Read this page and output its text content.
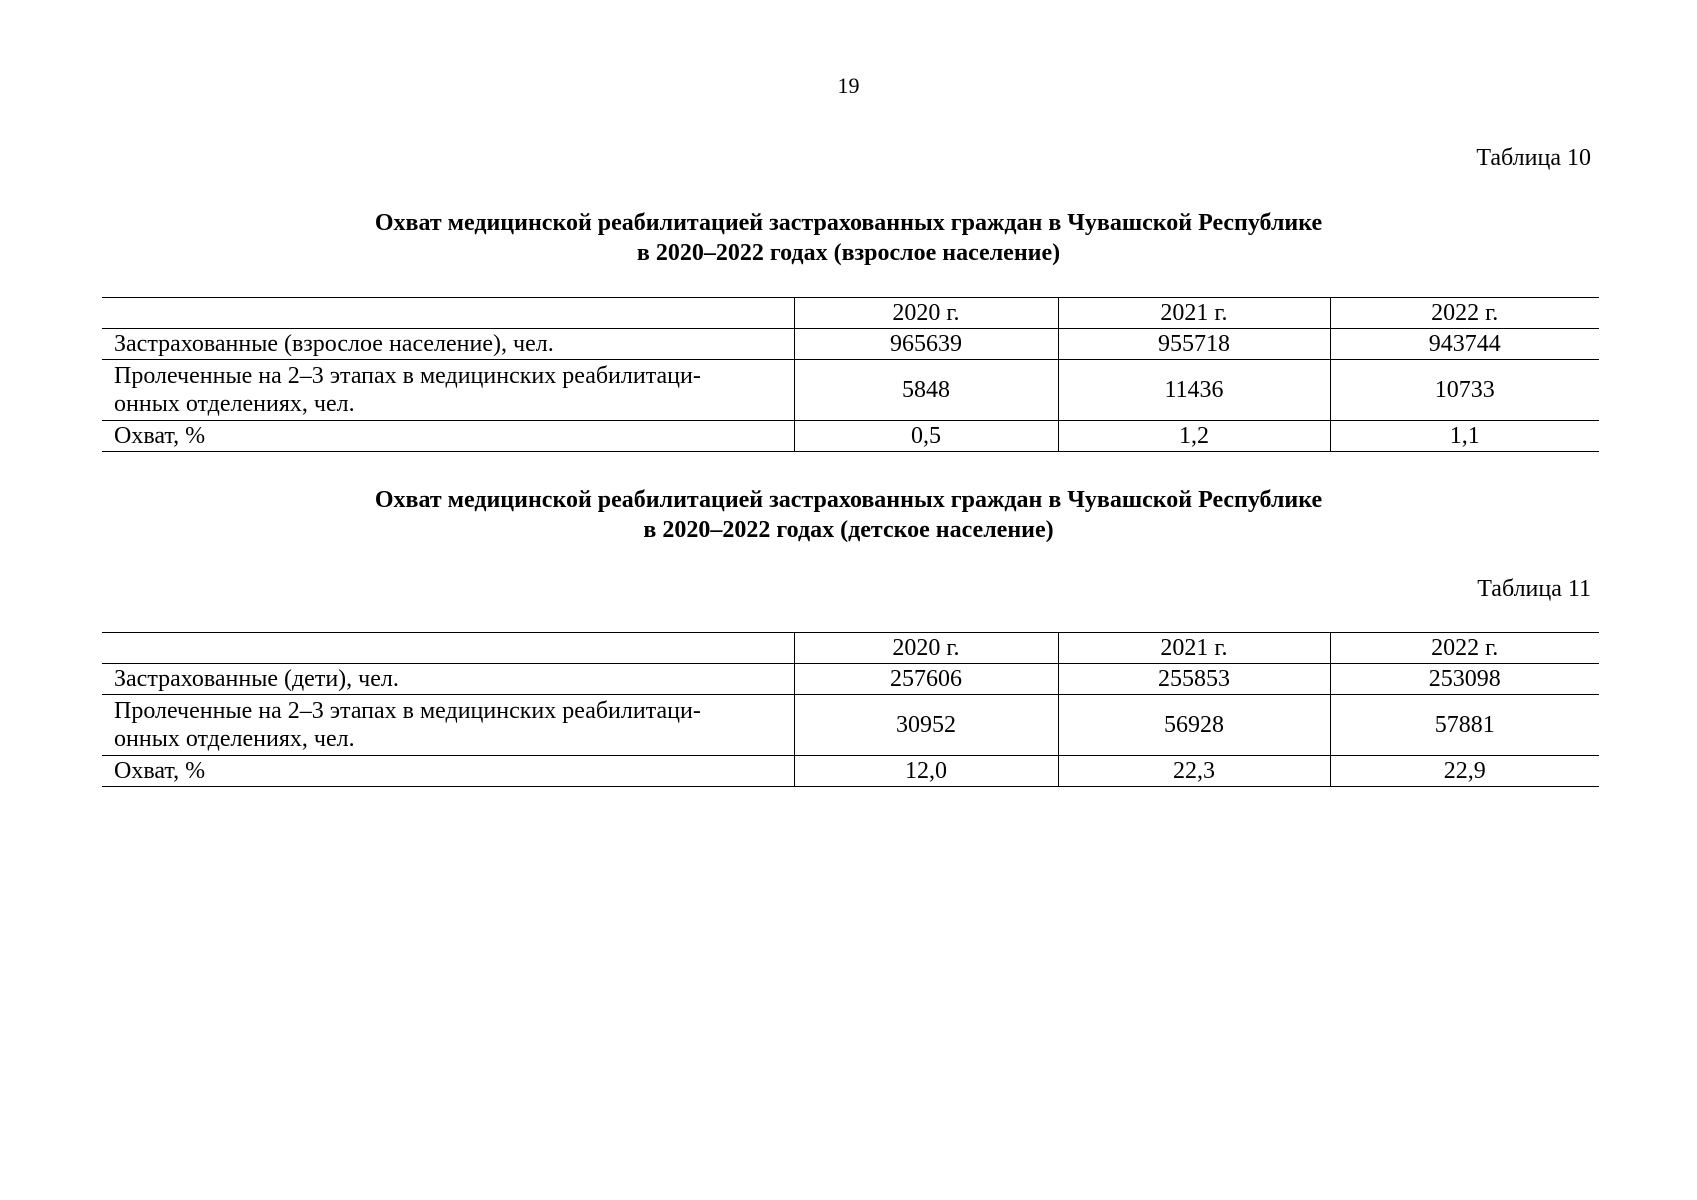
19
Таблица 10
Охват медицинской реабилитацией застрахованных граждан в Чувашской Республике
в 2020–2022 годах (взрослое население)
	2020 г.	2021 г.	2022 г.
Застрахованные (взрослое население), чел.	965639	955718	943744

Пролеченные на 2–3 этапах в медицинских реабилитаци-
онных отделениях, чел.	5848	11436	10733
Охват, %	0,5	1,2	1,1
Охват медицинской реабилитацией застрахованных граждан в Чувашской Республике
в 2020–2022 годах (детское население)
Таблица 11
	2020 г.	2021 г.	2022 г.
Застрахованные (дети), чел.	257606	255853	253098

Пролеченные на 2–3 этапах в медицинских реабилитаци-
онных отделениях, чел.	30952	56928	57881
Охват, %	12,0	22,3	22,9
